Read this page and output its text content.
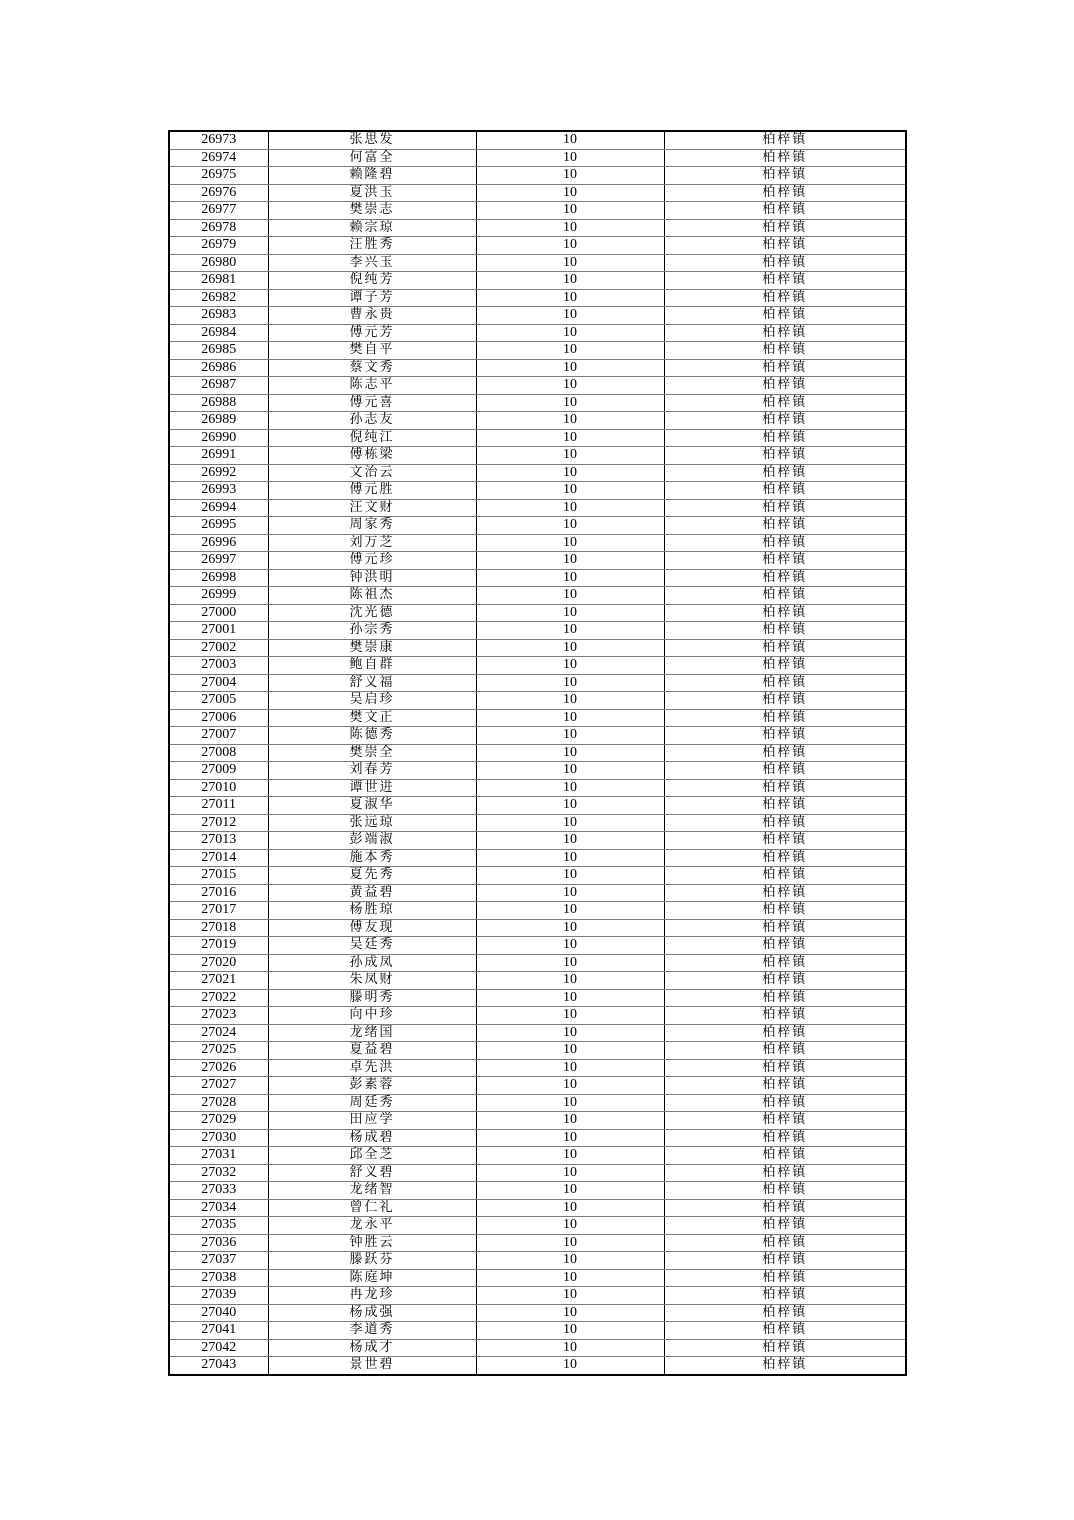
26973	张思发	10	柏梓镇
26974	何富全	10	柏梓镇
26975	赖隆碧	10	柏梓镇
26976	夏洪玉	10	柏梓镇
26977	樊崇志	10	柏梓镇
26978	赖宗琼	10	柏梓镇
26979	汪胜秀	10	柏梓镇
26980	李兴玉	10	柏梓镇
26981	倪纯芳	10	柏梓镇
26982	谭子芳	10	柏梓镇
26983	曹永贵	10	柏梓镇
26984	傅元芳	10	柏梓镇
26985	樊自平	10	柏梓镇
26986	蔡文秀	10	柏梓镇
26987	陈志平	10	柏梓镇
26988	傅元喜	10	柏梓镇
26989	孙志友	10	柏梓镇
26990	倪纯江	10	柏梓镇
26991	傅栋梁	10	柏梓镇
26992	文治云	10	柏梓镇
26993	傅元胜	10	柏梓镇
26994	汪文财	10	柏梓镇
26995	周家秀	10	柏梓镇
26996	刘万芝	10	柏梓镇
26997	傅元珍	10	柏梓镇
26998	钟洪明	10	柏梓镇
26999	陈祖杰	10	柏梓镇
27000	沈光德	10	柏梓镇
27001	孙宗秀	10	柏梓镇
27002	樊崇康	10	柏梓镇
27003	鲍自群	10	柏梓镇
27004	舒义福	10	柏梓镇
27005	吴启珍	10	柏梓镇
27006	樊文正	10	柏梓镇
27007	陈德秀	10	柏梓镇
27008	樊崇全	10	柏梓镇
27009	刘春芳	10	柏梓镇
27010	谭世进	10	柏梓镇
27011	夏淑华	10	柏梓镇
27012	张远琼	10	柏梓镇
27013	彭端淑	10	柏梓镇
27014	施本秀	10	柏梓镇
27015	夏先秀	10	柏梓镇
27016	黄益碧	10	柏梓镇
27017	杨胜琼	10	柏梓镇
27018	傅友现	10	柏梓镇
27019	吴廷秀	10	柏梓镇
27020	孙成凤	10	柏梓镇
27021	朱凤财	10	柏梓镇
27022	滕明秀	10	柏梓镇
27023	向中珍	10	柏梓镇
27024	龙绪国	10	柏梓镇
27025	夏益碧	10	柏梓镇
27026	卓先洪	10	柏梓镇
27027	彭素蓉	10	柏梓镇
27028	周廷秀	10	柏梓镇
27029	田应学	10	柏梓镇
27030	杨成碧	10	柏梓镇
27031	邱全芝	10	柏梓镇
27032	舒义碧	10	柏梓镇
27033	龙绪智	10	柏梓镇
27034	曾仁礼	10	柏梓镇
27035	龙永平	10	柏梓镇
27036	钟胜云	10	柏梓镇
27037	滕跃芬	10	柏梓镇
27038	陈庭坤	10	柏梓镇
27039	冉龙珍	10	柏梓镇
27040	杨成强	10	柏梓镇
27041	李道秀	10	柏梓镇
27042	杨成才	10	柏梓镇
27043	景世碧	10	柏梓镇
